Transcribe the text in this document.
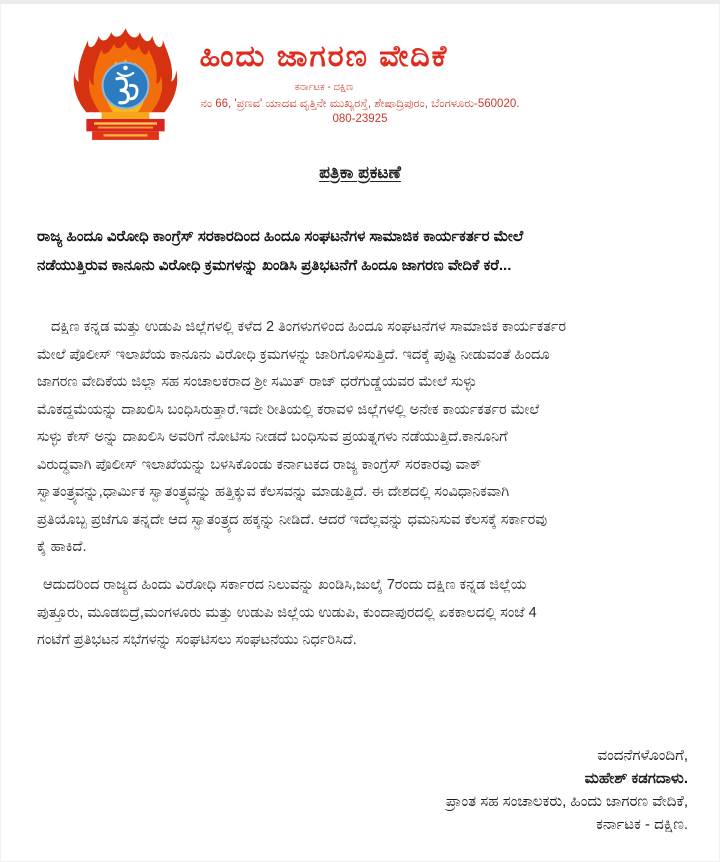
ಹಿಂದು ಜಾಗರಣ ವೇದಿಕೆ
ಕರ್ನಾಟಕ - ದಕ್ಷಿಣ
ನಂ 66, 'ಪ್ರಣವ' ಯಾದವ ವೃತ್ತಿನೇ ಮುಖ್ಯರಸ್ತೆ, ಶೇಷಾದ್ರಿಪುರಂ, ಬೆಂಗಳೂರು-560020.
080-23925
ಪತ್ರಿಕಾ ಪ್ರಕಟಣೆ
ರಾಜ್ಯ ಹಿಂದೂ ವಿರೋಧಿ ಕಾಂಗ್ರೆಸ್ ಸರಕಾರದಿಂದ ಹಿಂದೂ ಸಂಘಟನೆಗಳ ಸಾಮಾಜಿಕ ಕಾರ್ಯಕರ್ತರ ಮೇಲೆ
ನಡೆಯುತ್ತಿರುವ ಕಾನೂನು ವಿರೋಧಿ ಕ್ರಮಗಳನ್ನು ಖಂಡಿಸಿ ಪ್ರತಿಭಟನೆಗೆ ಹಿಂದೂ ಜಾಗರಣ ವೇದಿಕೆ ಕರೆ...
ದಕ್ಷಿಣ ಕನ್ನಡ ಮತ್ತು ಉಡುಪಿ ಜಿಲ್ಲೆಗಳಲ್ಲಿ ಕಳೆದ 2 ತಿಂಗಳುಗಳಿಂದ ಹಿಂದೂ ಸಂಘಟನೆಗಳ ಸಾಮಾಜಿಕ ಕಾರ್ಯಕರ್ತರ
ಮೇಲೆ ಪೊಲೀಸ್ ಇಲಾಖೆಯ ಕಾನೂನು ವಿರೋಧಿ ಕ್ರಮಗಳನ್ನು ಜಾರಿಗೊಳಿಸುತ್ತಿದೆ. ಇದಕ್ಕೆ ಪುಷ್ಟಿ ನೀಡುವಂತೆ ಹಿಂದೂ
ಜಾಗರಣ ವೇದಿಕೆಯ ಜಿಲ್ಲಾ ಸಹ ಸಂಚಾಲಕರಾದ ಶ್ರೀ ಸಮಿತ್ ರಾಜ್ ಧರೆಗುಡ್ಡೆಯವರ ಮೇಲೆ ಸುಳ್ಳು
ಮೊಕದ್ದಮೆಯನ್ನು ದಾಖಲಿಸಿ ಬಂಧಿಸಿರುತ್ತಾರೆ.ಇದೇ ರೀತಿಯಲ್ಲಿ ಕರಾವಳಿ ಜಿಲ್ಲೆಗಳಲ್ಲಿ ಅನೇಕ ಕಾರ್ಯಕರ್ತರ ಮೇಲೆ
ಸುಳ್ಳು ಕೇಸ್ ಅನ್ನು ದಾಖಲಿಸಿ ಅವರಿಗೆ ನೋಟಿಸು ನೀಡದೆ ಬಂಧಿಸುವ ಪ್ರಯತ್ನಗಳು ನಡೆಯುತ್ತಿದೆ.ಕಾನೂನಿಗೆ
ವಿರುದ್ಧವಾಗಿ ಪೊಲೀಸ್ ಇಲಾಖೆಯನ್ನು ಬಳಸಿಕೊಂಡು ಕರ್ನಾಟಕದ ರಾಜ್ಯ ಕಾಂಗ್ರೆಸ್ ಸರಕಾರವು ವಾಕ್
ಸ್ವಾತಂತ್ರ್ಯವನ್ನು,ಧಾರ್ಮಿಕ ಸ್ವಾತಂತ್ರ್ಯವನ್ನು ಹತ್ತಿಕ್ಕುವ ಕೆಲಸವನ್ನು ಮಾಡುತ್ತಿದೆ. ಈ ದೇಶದಲ್ಲಿ ಸಂವಿಧಾನಿಕವಾಗಿ
ಪ್ರತಿಯೊಬ್ಬ ಪ್ರಜೆಗೂ ತನ್ನದೇ ಆದ ಸ್ವಾತಂತ್ರ್ಯದ ಹಕ್ಕನ್ನು ನೀಡಿದೆ. ಆದರೆ ಇದೆಲ್ಲವನ್ನು ಧಮನಿಸುವ ಕೆಲಸಕ್ಕೆ ಸರ್ಕಾರವು
ಕೈ ಹಾಕಿದೆ.
ಆದುದರಿಂದ ರಾಜ್ಯದ ಹಿಂದು ವಿರೋಧಿ ಸರ್ಕಾರದ ನಿಲುವನ್ನು ಖಂಡಿಸಿ,ಜುಲೈ 7ರಂದು ದಕ್ಷಿಣ ಕನ್ನಡ ಜಿಲ್ಲೆಯ
ಪುತ್ತೂರು, ಮೂಡಬಿದ್ರೆ,ಮಂಗಳೂರು ಮತ್ತು ಉಡುಪಿ ಜಿಲ್ಲೆಯ ಉಡುಪಿ, ಕುಂದಾಪುರದಲ್ಲಿ ಏಕಕಾಲದಲ್ಲಿ ಸಂಜೆ 4
ಗಂಟೆಗೆ ಪ್ರತಿಭಟನ ಸಭೆಗಳನ್ನು ಸಂಘಟಿಸಲು ಸಂಘಟನೆಯು ನಿರ್ಧರಿಸಿದೆ.
ವಂದನೆಗಳೊಂದಿಗೆ,
ಮಹೇಶ್ ಕಡಗದಾಳು.
ಪ್ರಾಂತ ಸಹ ಸಂಚಾಲಕರು, ಹಿಂದು ಜಾಗರಣ ವೇದಿಕೆ,
ಕರ್ನಾಟಕ - ದಕ್ಷಿಣ.
